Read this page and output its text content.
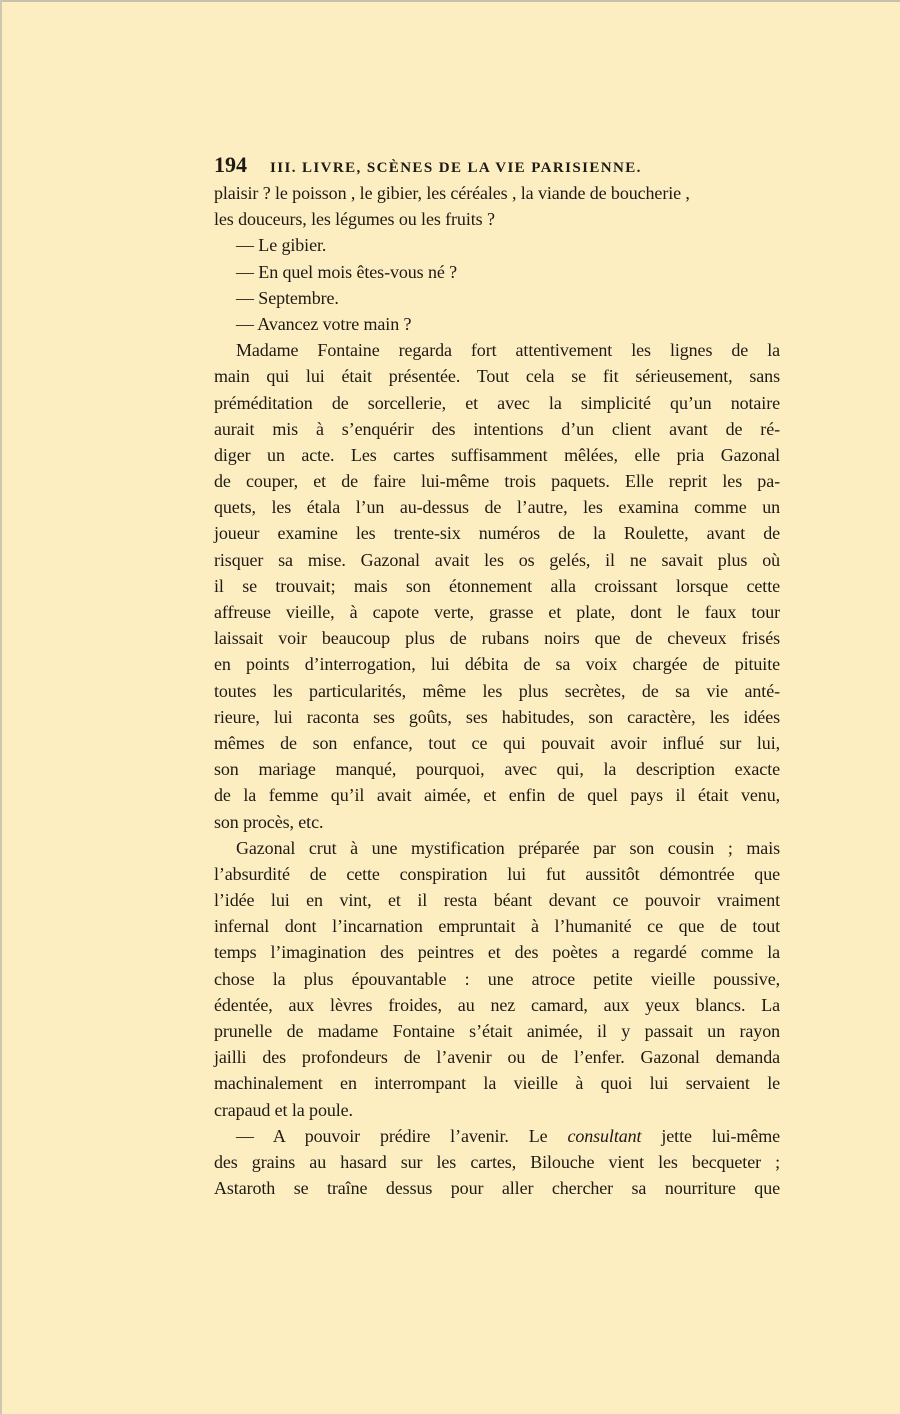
194	III. LIVRE, SCÈNES DE LA VIE PARISIENNE.
plaisir ? le poisson , le gibier, les céréales , la viande de boucherie ,
les douceurs, les légumes ou les fruits ?
— Le gibier.
— En quel mois êtes-vous né ?
— Septembre.
— Avancez votre main ?
Madame Fontaine regarda fort attentivement les lignes de la
main qui lui était présentée. Tout cela se fit sérieusement, sans
préméditation de sorcellerie, et avec la simplicité qu’un notaire
aurait mis à s’enquérir des intentions d’un client avant de ré-
diger un acte. Les cartes suffisamment mêlées, elle pria Gazonal
de couper, et de faire lui-même trois paquets. Elle reprit les pa-
quets, les étala l’un au-dessus de l’autre, les examina comme un
joueur examine les trente-six numéros de la Roulette, avant de
risquer sa mise. Gazonal avait les os gelés, il ne savait plus où
il se trouvait; mais son étonnement alla croissant lorsque cette
affreuse vieille, à capote verte, grasse et plate, dont le faux tour
laissait voir beaucoup plus de rubans noirs que de cheveux frisés
en points d’interrogation, lui débita de sa voix chargée de pituite
toutes les particularités, même les plus secrètes, de sa vie anté-
rieure, lui raconta ses goûts, ses habitudes, son caractère, les idées
mêmes de son enfance, tout ce qui pouvait avoir influé sur lui,
son mariage manqué, pourquoi, avec qui, la description exacte
de la femme qu’il avait aimée, et enfin de quel pays il était venu,
son procès, etc.
Gazonal crut à une mystification préparée par son cousin ; mais
l’absurdité de cette conspiration lui fut aussitôt démontrée que
l’idée lui en vint, et il resta béant devant ce pouvoir vraiment
infernal dont l’incarnation empruntait à l’humanité ce que de tout
temps l’imagination des peintres et des poètes a regardé comme la
chose la plus épouvantable : une atroce petite vieille poussive,
édentée, aux lèvres froides, au nez camard, aux yeux blancs. La
prunelle de madame Fontaine s’était animée, il y passait un rayon
jailli des profondeurs de l’avenir ou de l’enfer. Gazonal demanda
machinalement en interrompant la vieille à quoi lui servaient le
crapaud et la poule.
— A pouvoir prédire l’avenir. Le consultant jette lui-même
des grains au hasard sur les cartes, Bilouche vient les becqueter ;
Astaroth se traîne dessus pour aller chercher sa nourriture que
